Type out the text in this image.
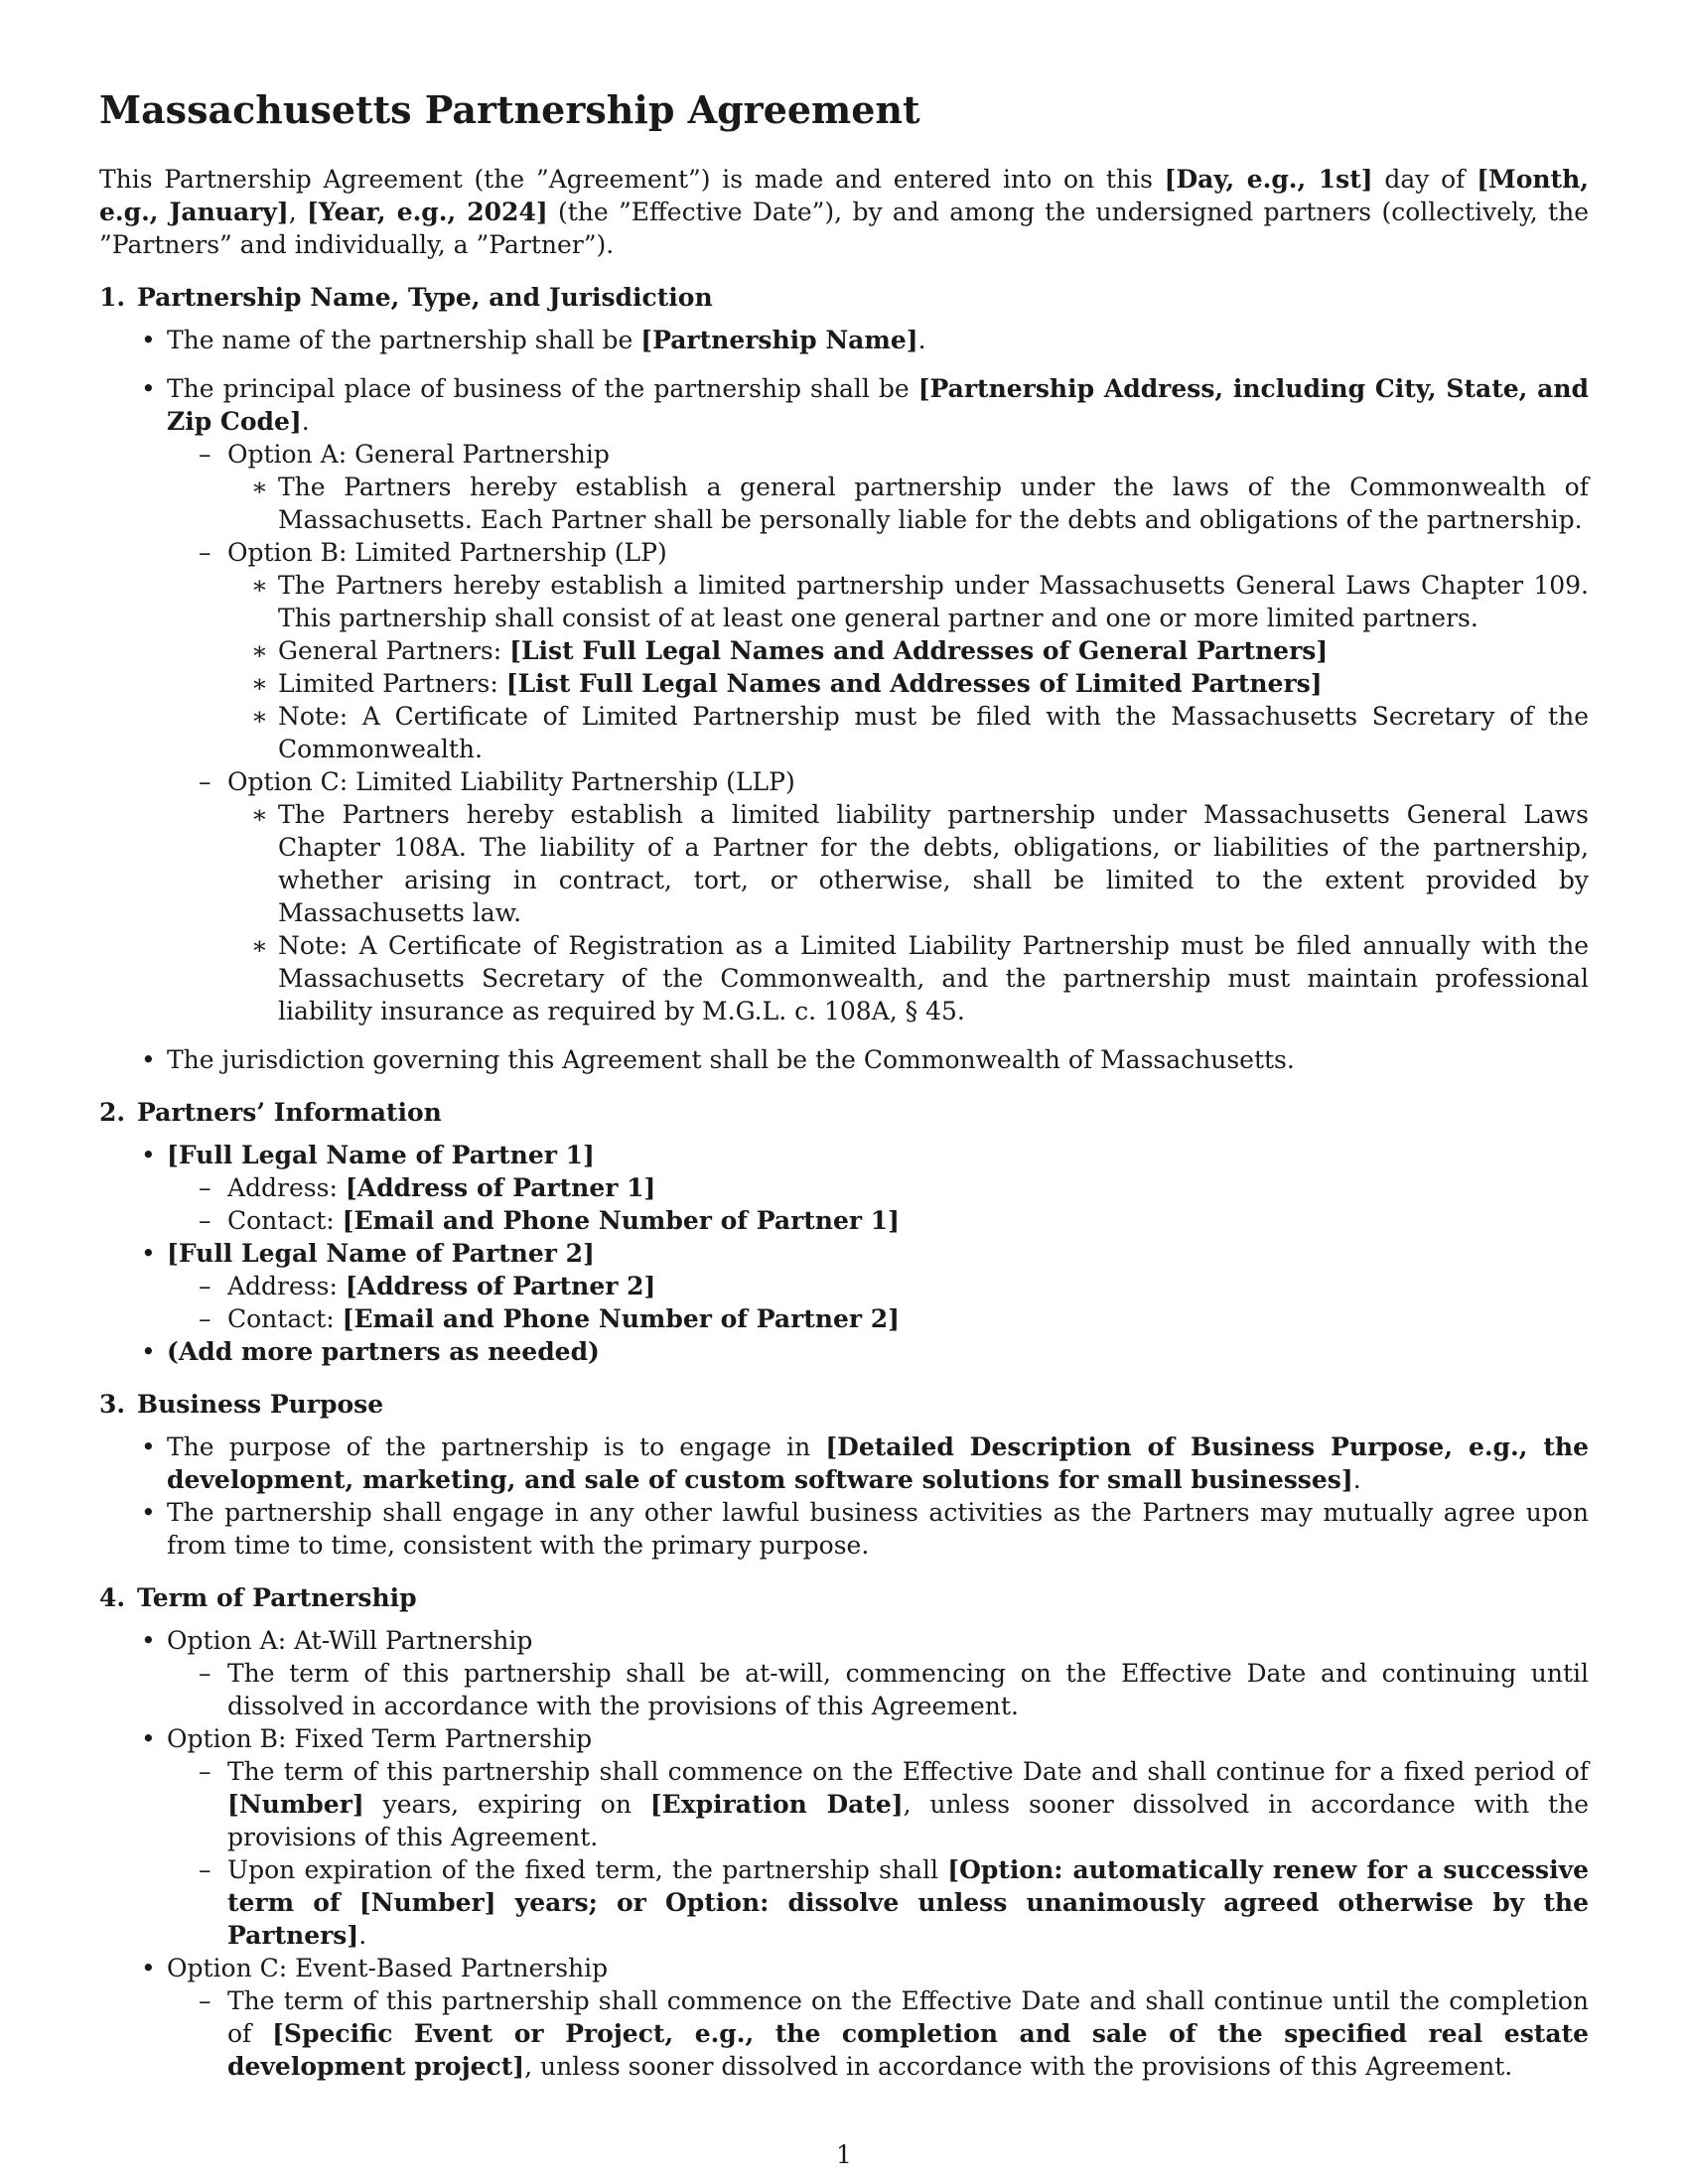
Massachusetts Partnership Agreement

This Partnership Agreement (the ”Agreement”) is made and entered into on this [Day, e.g., 1st] day of [Month, e.g., January], [Year, e.g., 2024] (the ”Effective Date”), by and among the undersigned partners (collectively, the ”Partners” and individually, a ”Partner”).

1. Partnership Name, Type, and Jurisdiction
• The name of the partnership shall be [Partnership Name].
• The principal place of business of the partnership shall be [Partnership Address, including City, State, and Zip Code].
– Option A: General Partnership
∗ The Partners hereby establish a general partnership under the laws of the Commonwealth of Massachusetts. Each Partner shall be personally liable for the debts and obligations of the partnership.
– Option B: Limited Partnership (LP)
∗ The Partners hereby establish a limited partnership under Massachusetts General Laws Chapter 109. This partnership shall consist of at least one general partner and one or more limited partners.
∗ General Partners: [List Full Legal Names and Addresses of General Partners]
∗ Limited Partners: [List Full Legal Names and Addresses of Limited Partners]
∗ Note: A Certificate of Limited Partnership must be filed with the Massachusetts Secretary of the Commonwealth.
– Option C: Limited Liability Partnership (LLP)
∗ The Partners hereby establish a limited liability partnership under Massachusetts General Laws Chapter 108A. The liability of a Partner for the debts, obligations, or liabilities of the partnership, whether arising in contract, tort, or otherwise, shall be limited to the extent provided by Massachusetts law.
∗ Note: A Certificate of Registration as a Limited Liability Partnership must be filed annually with the Massachusetts Secretary of the Commonwealth, and the partnership must maintain professional liability insurance as required by M.G.L. c. 108A, § 45.
• The jurisdiction governing this Agreement shall be the Commonwealth of Massachusetts.
2. Partners’ Information
• [Full Legal Name of Partner 1]
– Address: [Address of Partner 1]
– Contact: [Email and Phone Number of Partner 1]
• [Full Legal Name of Partner 2]
– Address: [Address of Partner 2]
– Contact: [Email and Phone Number of Partner 2]
• (Add more partners as needed)
3. Business Purpose
• The purpose of the partnership is to engage in [Detailed Description of Business Purpose, e.g., the development, marketing, and sale of custom software solutions for small businesses].
• The partnership shall engage in any other lawful business activities as the Partners may mutually agree upon from time to time, consistent with the primary purpose.
4. Term of Partnership
• Option A: At-Will Partnership
– The term of this partnership shall be at-will, commencing on the Effective Date and continuing until dissolved in accordance with the provisions of this Agreement.
• Option B: Fixed Term Partnership
– The term of this partnership shall commence on the Effective Date and shall continue for a fixed period of [Number] years, expiring on [Expiration Date], unless sooner dissolved in accordance with the provisions of this Agreement.
– Upon expiration of the fixed term, the partnership shall [Option: automatically renew for a successive term of [Number] years; or Option: dissolve unless unanimously agreed otherwise by the Partners].
• Option C: Event-Based Partnership
– The term of this partnership shall commence on the Effective Date and shall continue until the completion of [Specific Event or Project, e.g., the completion and sale of the specified real estate development project], unless sooner dissolved in accordance with the provisions of this Agreement.
1
